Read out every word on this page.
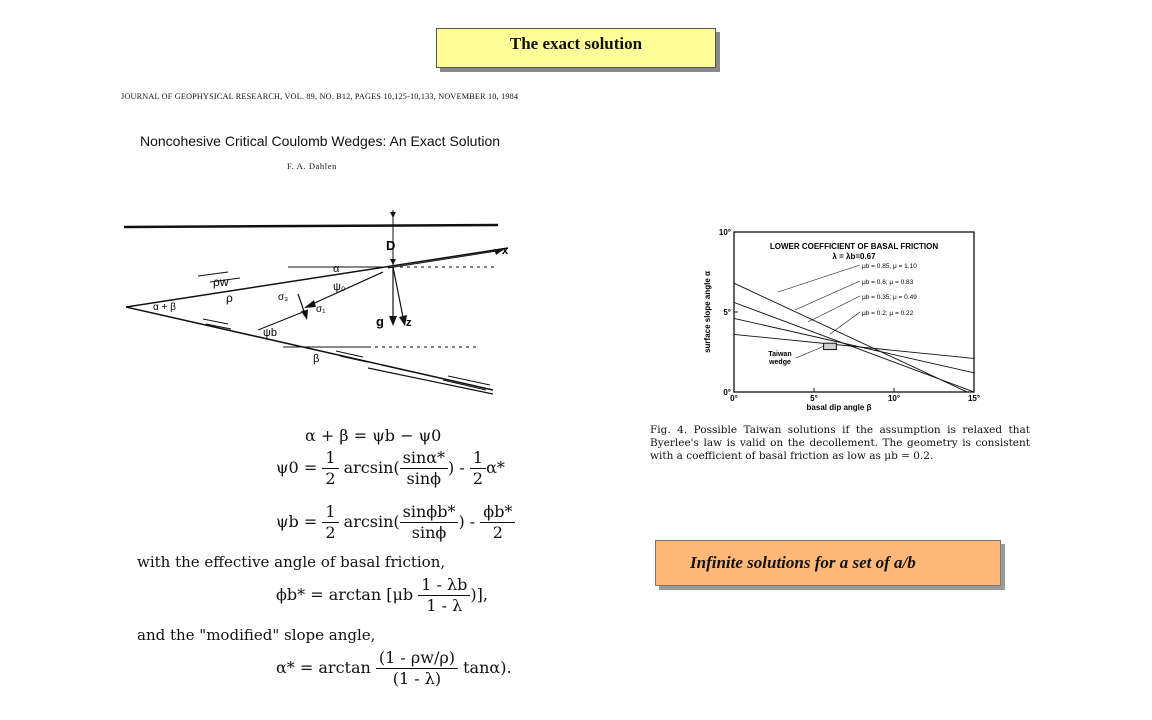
The exact solution
Infinite solutions for a set of a/b
JOURNAL OF GEOPHYSICAL RESEARCH, VOL. 89, NO. B12, PAGES 10,125-10,133, NOVEMBER 10, 1984
Noncohesive Critical Coulomb Wedges: An Exact Solution
F. A. Dahlen
D	x
α
ψ₀
ρw
ρ
α + β
σ₃
σ₁
ψb
g z
β
α + β = ψb − ψ0
$\psi 0 = \frac{1}{2} \arcsin( \frac{\sin\alpha*}{\sin\phi}$ ) - $\frac{1}{2} \alpha*$
$\psi b = \frac{1}{2} \arcsin( \frac{\sin\phi b*}{\sin\phi}$ ) - $\frac{\phi b*}{2}$
with the effective angle of basal friction,
$\phi b* = \arctan [\mu b \frac{1 - \lambda b}{1 - \lambda}$ )],
and the "modified" slope angle,
$\alpha* = \arctan \frac{(1 - \rho w/\rho)}{(1 - \lambda)} \tan\alpha$).
0°	5°	10°	15°
0°
5°
10°
LOWER COEFFICIENT OF BASAL FRICTION
λ = λb=0.67
basal dip angle β
surface slope angle α
μb = 0.85, μ = 1.10
μb = 0.6; μ = 0.83
μb = 0.35; μ = 0.49
μb = 0.2; μ = 0.22
Taiwan
wedge
Fig. 4. Possible Taiwan solutions if the assumption is relaxed that Byerlee's law is valid on the decollement. The geometry is consistent with a coefficient of basal friction as low as μb = 0.2.
